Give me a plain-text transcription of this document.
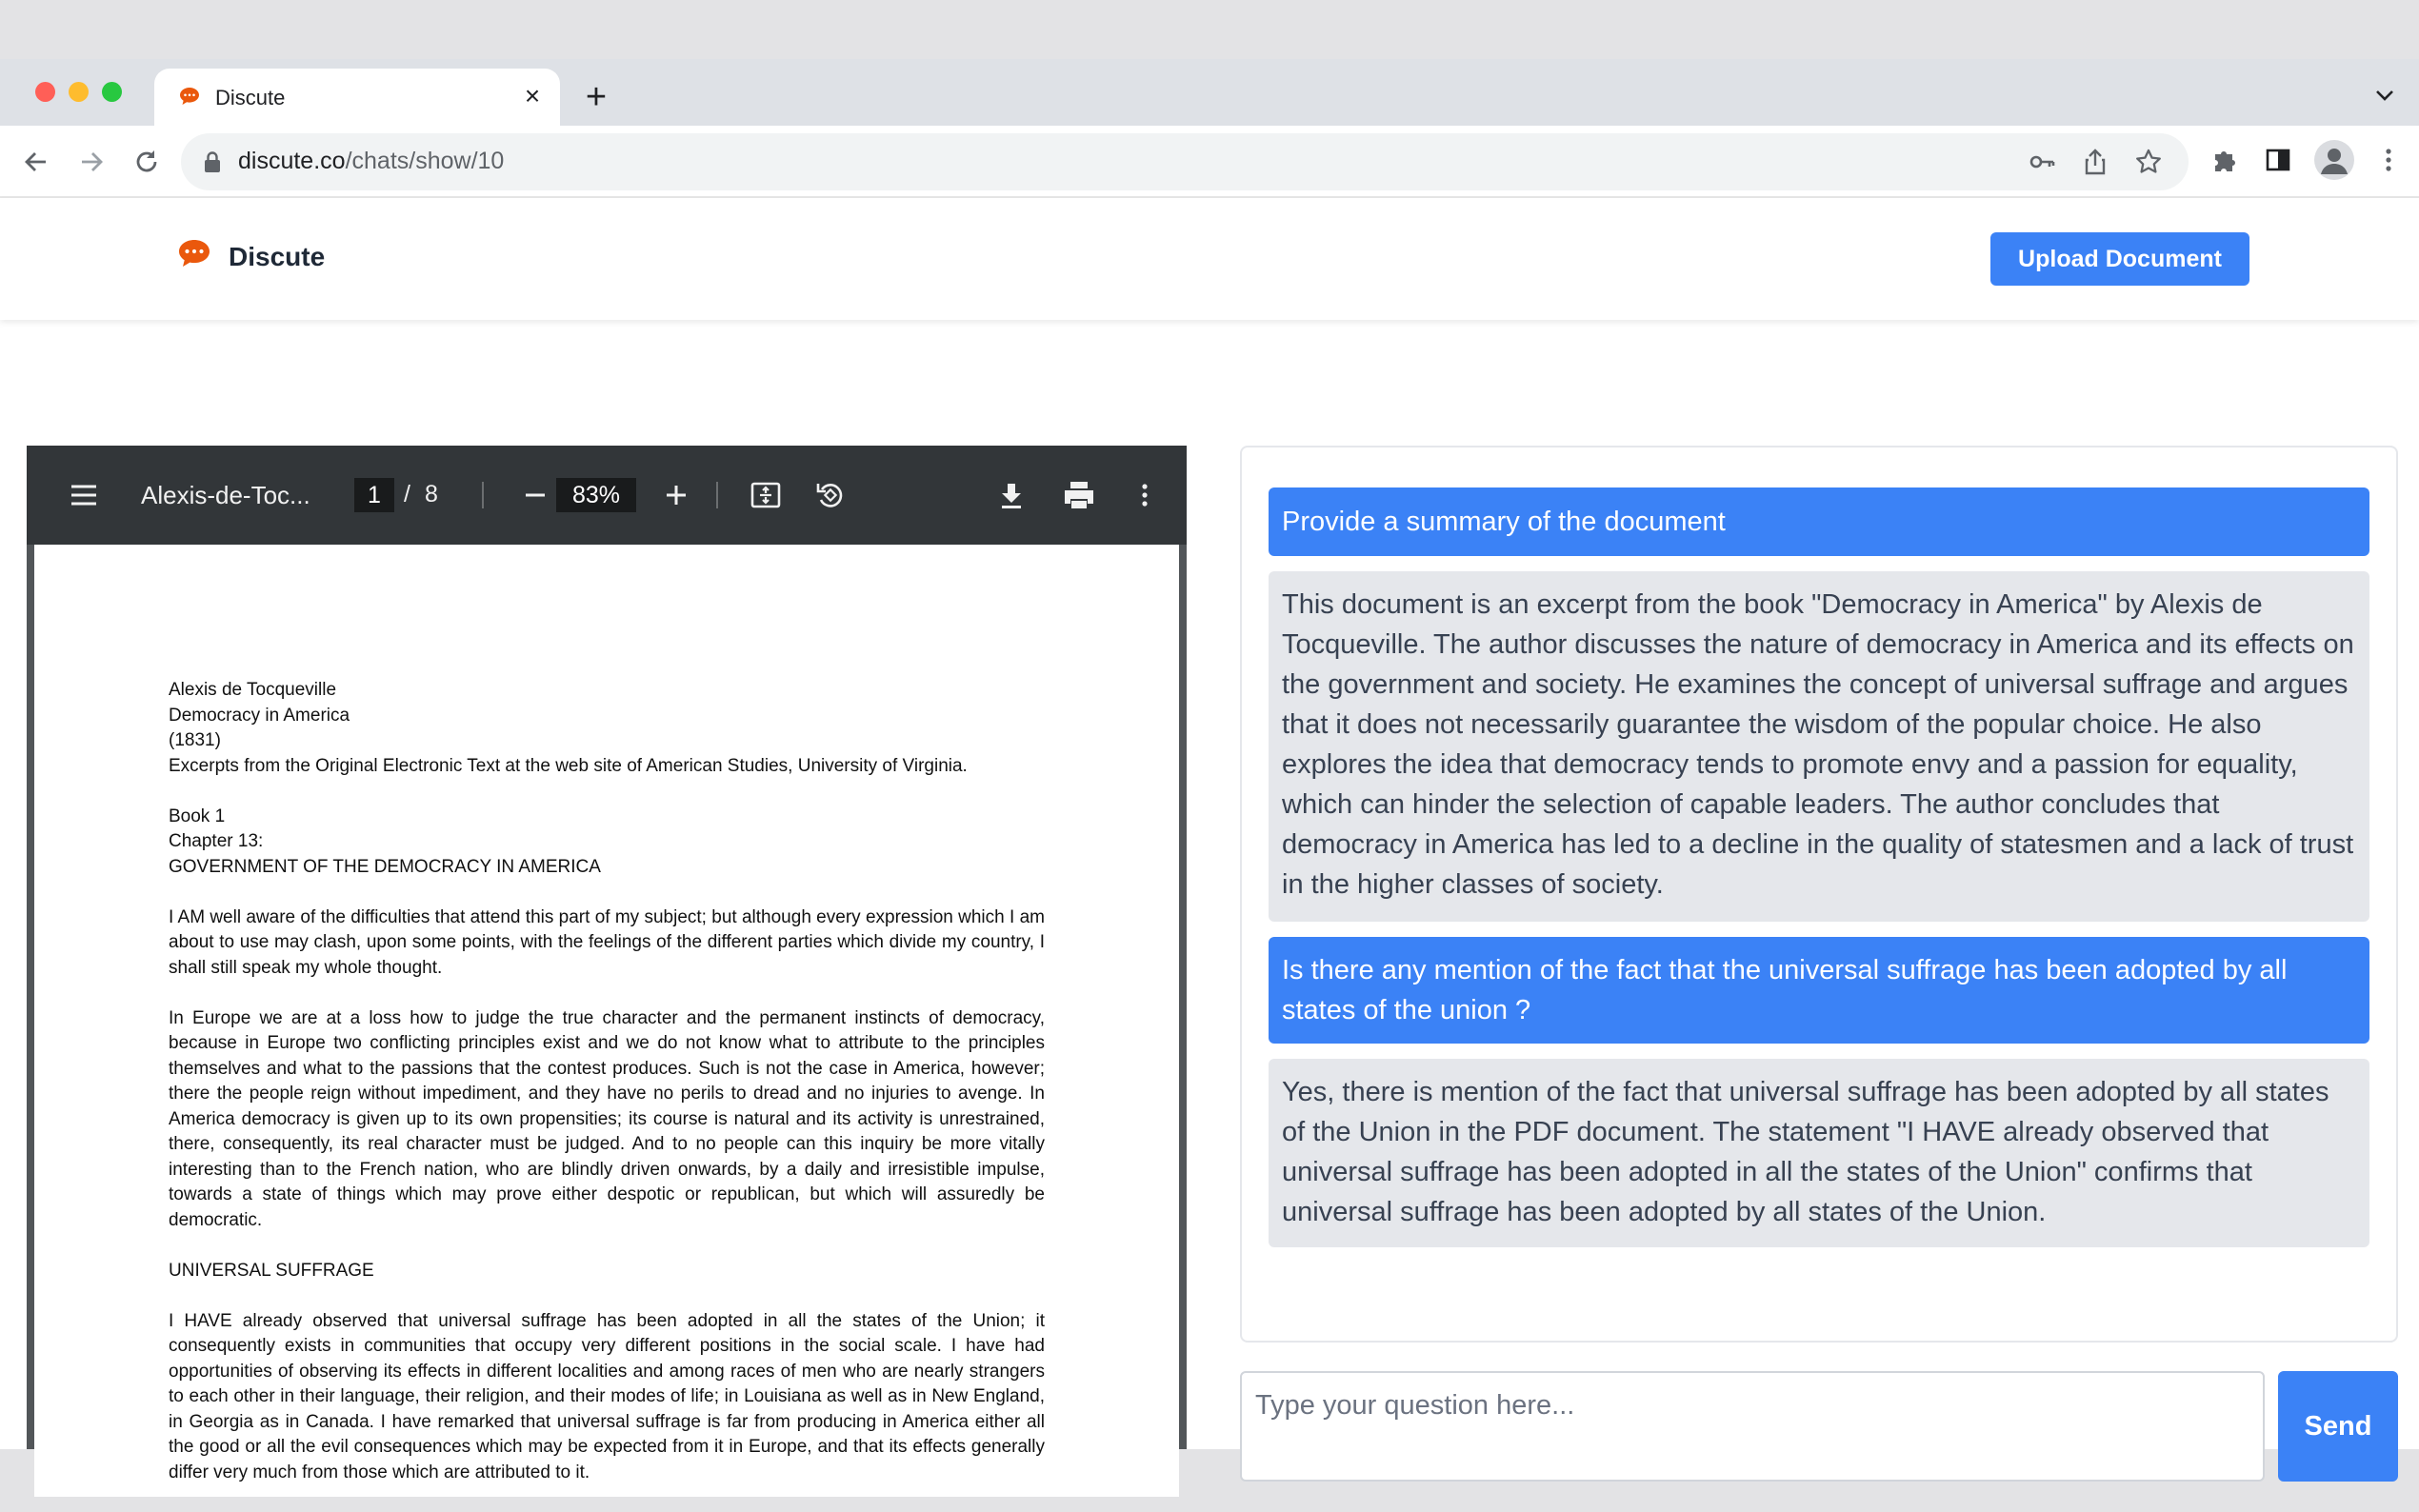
Discute	× +
discute.co/chats/show/10
Discute	Upload Document
Alexis-de-Toc...	1 / 8	83%

Alexis de Tocqueville
Democracy in America
(1831)
Excerpts from the Original Electronic Text at the web site of American Studies, University of Virginia.

Book 1
Chapter 13:
GOVERNMENT OF THE DEMOCRACY IN AMERICA

I AM well aware of the difficulties that attend this part of my subject; but although every expression which I am about to use may clash, upon some points, with the feelings of the different parties which divide my country, I shall still speak my whole thought.

In Europe we are at a loss how to judge the true character and the permanent instincts of democracy, because in Europe two conflicting principles exist and we do not know what to attribute to the principles themselves and what to the passions that the contest produces. Such is not the case in America, however; there the people reign without impediment, and they have no perils to dread and no injuries to avenge. In America democracy is given up to its own propensities; its course is natural and its activity is unrestrained, there, consequently, its real character must be judged. And to no people can this inquiry be more vitally interesting than to the French nation, who are blindly driven onwards, by a daily and irresistible impulse, towards a state of things which may prove either despotic or republican, but which will assuredly be democratic.

UNIVERSAL SUFFRAGE

I HAVE already observed that universal suffrage has been adopted in all the states of the Union; it consequently exists in communities that occupy very different positions in the social scale. I have had opportunities of observing its effects in different localities and among races of men who are nearly strangers to each other in their language, their religion, and their modes of life; in Louisiana as well as in New England, in Georgia as in Canada. I have remarked that universal suffrage is far from producing in America either all the good or all the evil consequences which may be expected from it in Europe, and that its effects generally differ very much from those which are attributed to it.

Provide a summary of the document
This document is an excerpt from the book "Democracy in America" by Alexis de Tocqueville. The author discusses the nature of democracy in America and its effects on the government and society. He examines the concept of universal suffrage and argues that it does not necessarily guarantee the wisdom of the popular choice. He also explores the idea that democracy tends to promote envy and a passion for equality, which can hinder the selection of capable leaders. The author concludes that democracy in America has led to a decline in the quality of statesmen and a lack of trust in the higher classes of society.
Is there any mention of the fact that the universal suffrage has been adopted by all states of the union ?
Yes, there is mention of the fact that universal suffrage has been adopted by all states of the Union in the PDF document. The statement "I HAVE already observed that universal suffrage has been adopted in all the states of the Union" confirms that universal suffrage has been adopted by all states of the Union.
Type your question here...
Send
